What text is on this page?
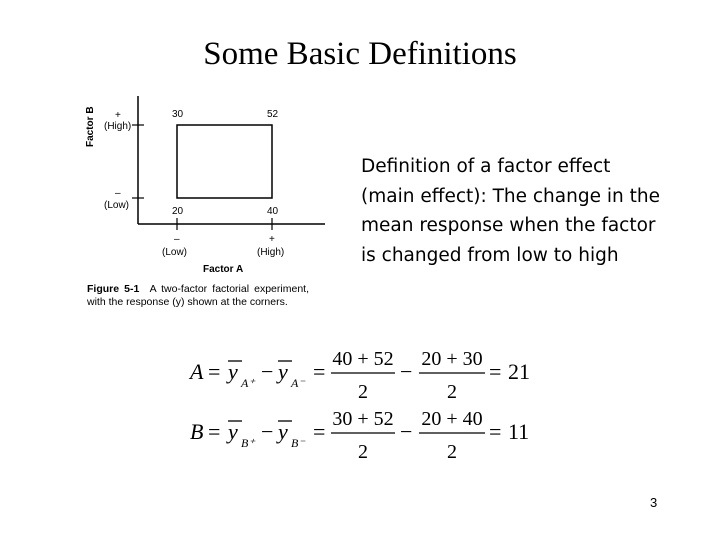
Some Basic Definitions
Factor B +
(High)
–
(Low)
30	52
20	40
–
(Low)
+
(High)
Factor A
Figure 5-1 A two-factor factorial experiment, with the response (y) shown at the corners.
Definition of a factor effect (main effect): The change in the mean response when the factor is changed from low to high
A = y A⁺ − y A⁻ = 40 + 52
2
− 20 + 30
2
= 21
B = y B⁺ − y B⁻ = 30 + 52
2
− 20 + 40
2
= 11
3
